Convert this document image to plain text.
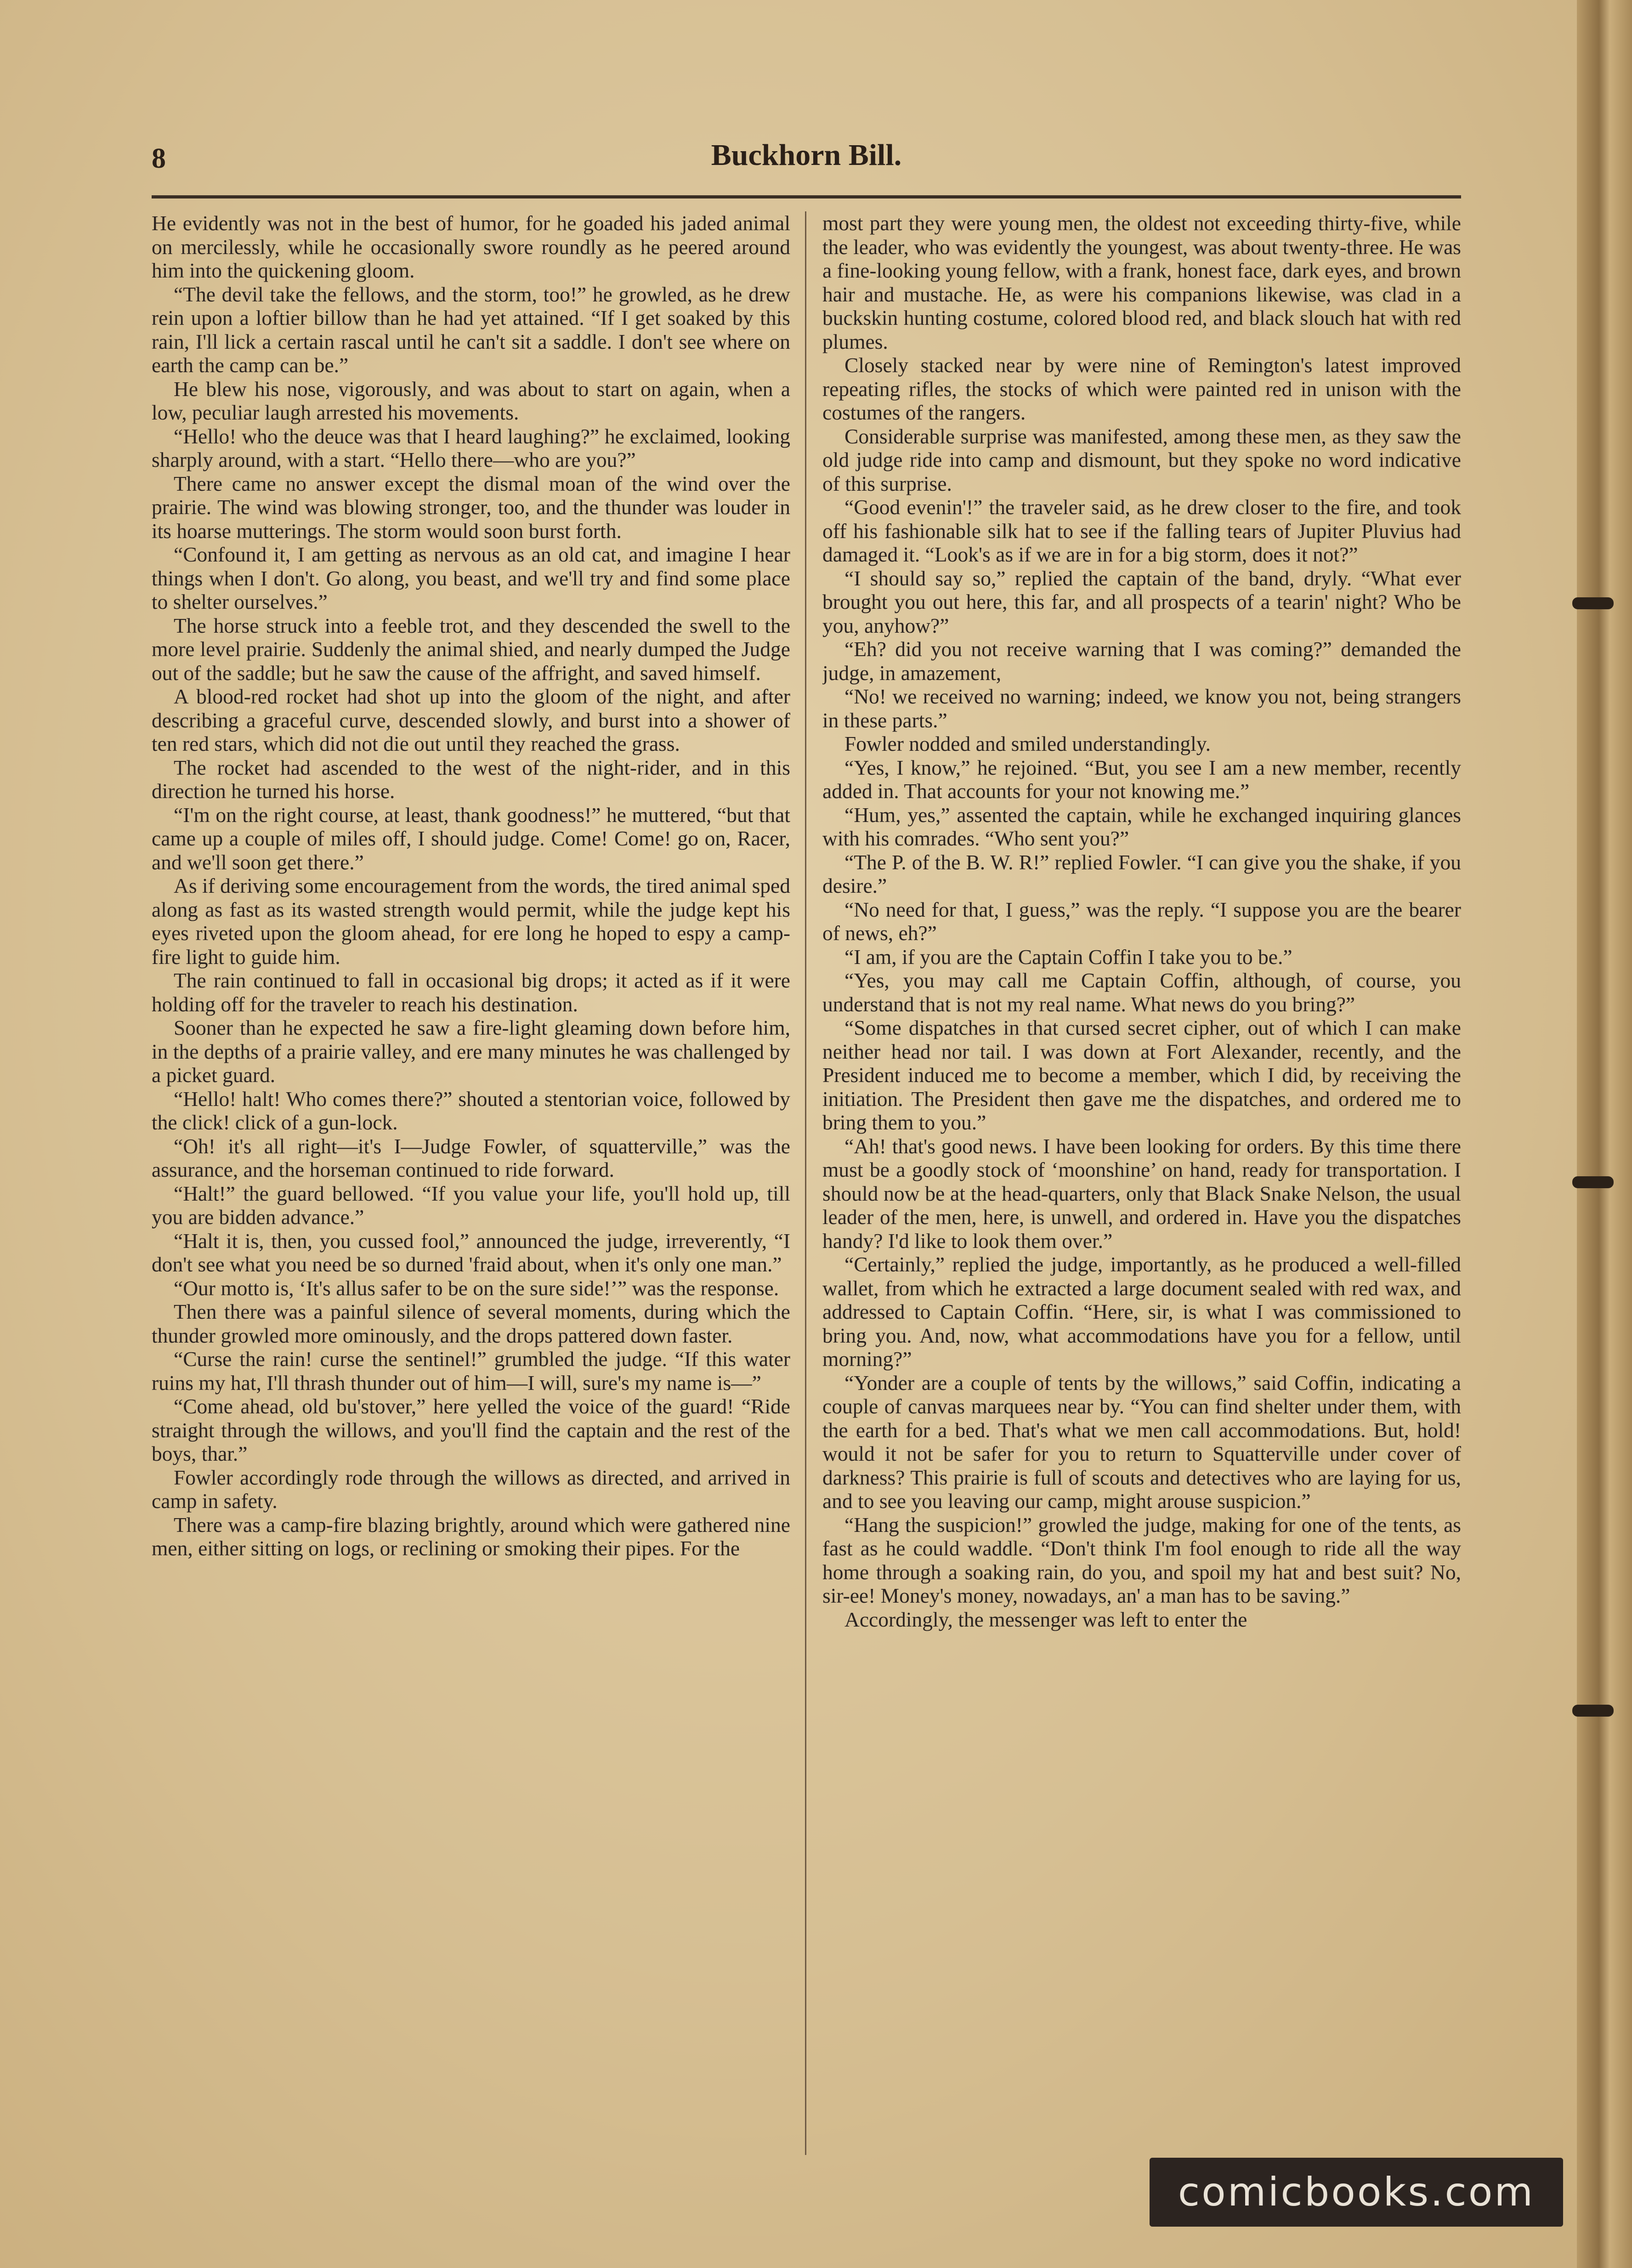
8	Buckhorn Bill.

He evidently was not in the best of humor, for he goaded his jaded animal on mercilessly, while he occasionally swore roundly as he peered around him into the quickening gloom.

“The devil take the fellows, and the storm, too!” he growled, as he drew rein upon a loftier billow than he had yet attained. “If I get soaked by this rain, I'll lick a certain rascal until he can't sit a saddle. I don't see where on earth the camp can be.”

He blew his nose, vigorously, and was about to start on again, when a low, peculiar laugh arrested his movements.

“Hello! who the deuce was that I heard laughing?” he exclaimed, looking sharply around, with a start. “Hello there—who are you?”

There came no answer except the dismal moan of the wind over the prairie. The wind was blowing stronger, too, and the thunder was louder in its hoarse mutterings. The storm would soon burst forth.

“Confound it, I am getting as nervous as an old cat, and imagine I hear things when I don't. Go along, you beast, and we'll try and find some place to shelter ourselves.”

The horse struck into a feeble trot, and they descended the swell to the more level prairie. Suddenly the animal shied, and nearly dumped the Judge out of the saddle; but he saw the cause of the affright, and saved himself.

A blood-red rocket had shot up into the gloom of the night, and after describing a graceful curve, descended slowly, and burst into a shower of ten red stars, which did not die out until they reached the grass.

The rocket had ascended to the west of the night-rider, and in this direction he turned his horse.

“I'm on the right course, at least, thank goodness!” he muttered, “but that came up a couple of miles off, I should judge. Come! Come! go on, Racer, and we'll soon get there.”

As if deriving some encouragement from the words, the tired animal sped along as fast as its wasted strength would permit, while the judge kept his eyes riveted upon the gloom ahead, for ere long he hoped to espy a camp-fire light to guide him.

The rain continued to fall in occasional big drops; it acted as if it were holding off for the traveler to reach his destination.

Sooner than he expected he saw a fire-light gleaming down before him, in the depths of a prairie valley, and ere many minutes he was challenged by a picket guard.

“Hello! halt! Who comes there?” shouted a stentorian voice, followed by the click! click of a gun-lock.

“Oh! it's all right—it's I—Judge Fowler, of squatterville,” was the assurance, and the horseman continued to ride forward.

“Halt!” the guard bellowed. “If you value your life, you'll hold up, till you are bidden advance.”

“Halt it is, then, you cussed fool,” announced the judge, irreverently, “I don't see what you need be so durned 'fraid about, when it's only one man.”

“Our motto is, ‘It's allus safer to be on the sure side!’” was the response.

Then there was a painful silence of several moments, during which the thunder growled more ominously, and the drops pattered down faster.

“Curse the rain! curse the sentinel!” grumbled the judge. “If this water ruins my hat, I'll thrash thunder out of him—I will, sure's my name is—”

“Come ahead, old bu'stover,” here yelled the voice of the guard! “Ride straight through the willows, and you'll find the captain and the rest of the boys, thar.”

Fowler accordingly rode through the willows as directed, and arrived in camp in safety.

There was a camp-fire blazing brightly, around which were gathered nine men, either sitting on logs, or reclining or smoking their pipes. For the

most part they were young men, the oldest not exceeding thirty-five, while the leader, who was evidently the youngest, was about twenty-three. He was a fine-looking young fellow, with a frank, honest face, dark eyes, and brown hair and mustache. He, as were his companions likewise, was clad in a buckskin hunting costume, colored blood red, and black slouch hat with red plumes.

Closely stacked near by were nine of Remington's latest improved repeating rifles, the stocks of which were painted red in unison with the costumes of the rangers.

Considerable surprise was manifested, among these men, as they saw the old judge ride into camp and dismount, but they spoke no word indicative of this surprise.

“Good evenin'!” the traveler said, as he drew closer to the fire, and took off his fashionable silk hat to see if the falling tears of Jupiter Pluvius had damaged it. “Look's as if we are in for a big storm, does it not?”

“I should say so,” replied the captain of the band, dryly. “What ever brought you out here, this far, and all prospects of a tearin' night? Who be you, anyhow?”

“Eh? did you not receive warning that I was coming?” demanded the judge, in amazement,

“No! we received no warning; indeed, we know you not, being strangers in these parts.”

Fowler nodded and smiled understandingly.

“Yes, I know,” he rejoined. “But, you see I am a new member, recently added in. That accounts for your not knowing me.”

“Hum, yes,” assented the captain, while he exchanged inquiring glances with his comrades. “Who sent you?”

“The P. of the B. W. R!” replied Fowler. “I can give you the shake, if you desire.”

“No need for that, I guess,” was the reply. “I suppose you are the bearer of news, eh?”

“I am, if you are the Captain Coffin I take you to be.”

“Yes, you may call me Captain Coffin, although, of course, you understand that is not my real name. What news do you bring?”

“Some dispatches in that cursed secret cipher, out of which I can make neither head nor tail. I was down at Fort Alexander, recently, and the President induced me to become a member, which I did, by receiving the initiation. The President then gave me the dispatches, and ordered me to bring them to you.”

“Ah! that's good news. I have been looking for orders. By this time there must be a goodly stock of ‘moonshine’ on hand, ready for transportation. I should now be at the head-quarters, only that Black Snake Nelson, the usual leader of the men, here, is unwell, and ordered in. Have you the dispatches handy? I'd like to look them over.”

“Certainly,” replied the judge, importantly, as he produced a well-filled wallet, from which he extracted a large document sealed with red wax, and addressed to Captain Coffin. “Here, sir, is what I was commissioned to bring you. And, now, what accommodations have you for a fellow, until morning?”

“Yonder are a couple of tents by the willows,” said Coffin, indicating a couple of canvas marquees near by. “You can find shelter under them, with the earth for a bed. That's what we men call accommodations. But, hold! would it not be safer for you to return to Squatterville under cover of darkness? This prairie is full of scouts and detectives who are laying for us, and to see you leaving our camp, might arouse suspicion.”

“Hang the suspicion!” growled the judge, making for one of the tents, as fast as he could waddle. “Don't think I'm fool enough to ride all the way home through a soaking rain, do you, and spoil my hat and best suit? No, sir-ee! Money's money, nowadays, an' a man has to be saving.”

Accordingly, the messenger was left to enter the

comicbooks.com
